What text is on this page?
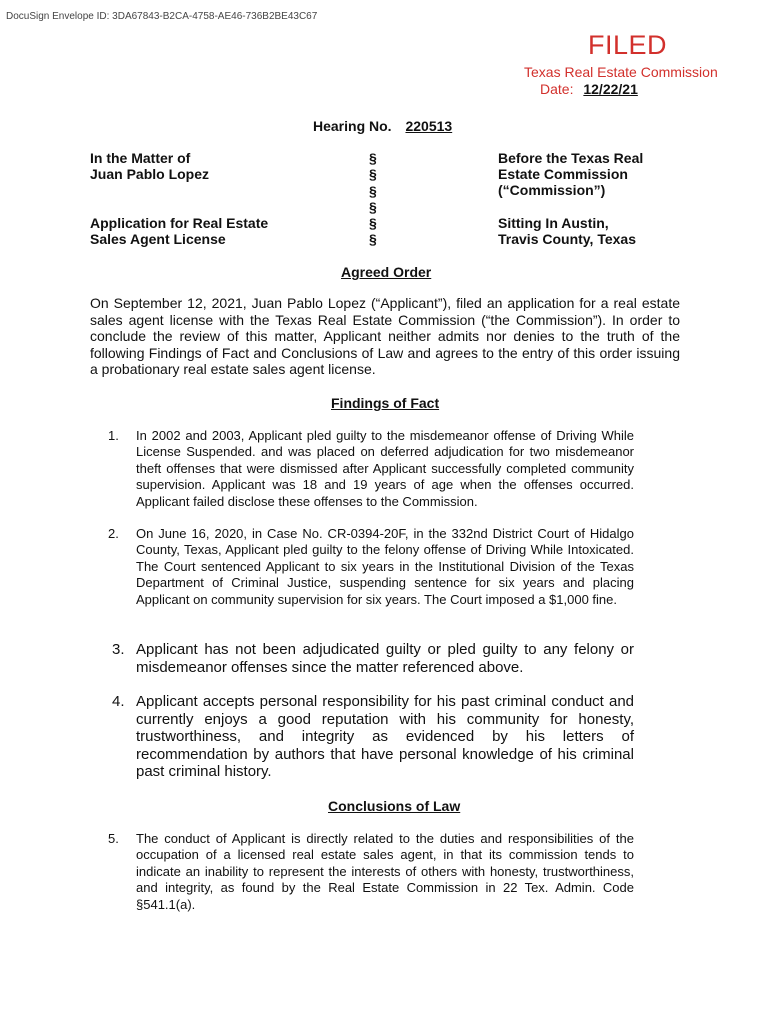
DocuSign Envelope ID: 3DA67843-B2CA-4758-AE46-736B2BE43C67
FILED
Texas Real Estate Commission
Date: 12/22/21
Hearing No. 220513
In the Matter of
Juan Pablo Lopez
Application for Real Estate
Sales Agent License
§
§
§
§
§
§
Before the Texas Real
Estate Commission
(“Commission”)
Sitting In Austin,
Travis County, Texas
Agreed Order
On September 12, 2021, Juan Pablo Lopez (“Applicant”), filed an application for a real estate sales agent license with the Texas Real Estate Commission (“the Commission”). In order to conclude the review of this matter, Applicant neither admits nor denies to the truth of the following Findings of Fact and Conclusions of Law and agrees to the entry of this order issuing a probationary real estate sales agent license.
Findings of Fact
1. In 2002 and 2003, Applicant pled guilty to the misdemeanor offense of Driving While License Suspended. and was placed on deferred adjudication for two misdemeanor theft offenses that were dismissed after Applicant successfully completed community supervision. Applicant was 18 and 19 years of age when the offenses occurred. Applicant failed disclose these offenses to the Commission.
2. On June 16, 2020, in Case No. CR-0394-20F, in the 332nd District Court of Hidalgo County, Texas, Applicant pled guilty to the felony offense of Driving While Intoxicated. The Court sentenced Applicant to six years in the Institutional Division of the Texas Department of Criminal Justice, suspending sentence for six years and placing Applicant on community supervision for six years. The Court imposed a $1,000 fine.
3. Applicant has not been adjudicated guilty or pled guilty to any felony or misdemeanor offenses since the matter referenced above.
4. Applicant accepts personal responsibility for his past criminal conduct and currently enjoys a good reputation with his community for honesty, trustworthiness, and integrity as evidenced by his letters of recommendation by authors that have personal knowledge of his criminal past criminal history.
Conclusions of Law
5. The conduct of Applicant is directly related to the duties and responsibilities of the occupation of a licensed real estate sales agent, in that its commission tends to indicate an inability to represent the interests of others with honesty, trustworthiness, and integrity, as found by the Real Estate Commission in 22 Tex. Admin. Code §541.1(a).
